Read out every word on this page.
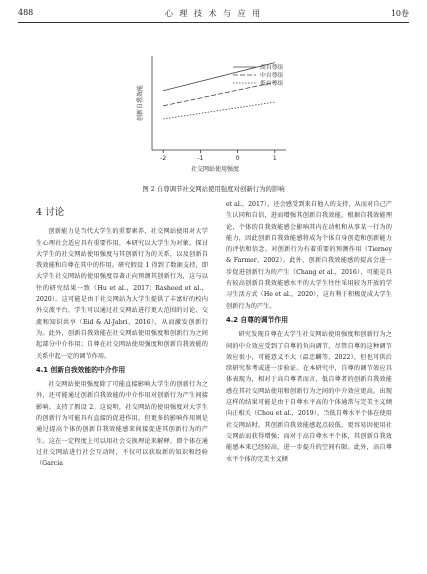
488	心 理 技 术 与 应 用	10卷
-2	-1	0	1
社交网站使用强度
创新自我效能
高自尊组
中自尊组
低自尊组
图 2 自尊调节社交网站使用强度对创新行为的影响
4 讨论

创新能力是当代大学生的重要素养，社交网站使用对大学生心理社会适应具有重要作用，本研究以大学生为对象，探讨大学生的社交网站使用强度与其创新行为的关系，以及创新自我效能和自尊在其中的作用。研究假设 1 得到了数据支持，即大学生社交网站的使用强度显著正向预测其创新行为，这与以往的研究结果一致（Hu et al.，2017；Rasheed et al.，2020）。这可能是由于社交网站为大学生提供了丰富好的校内外交流平台，学生可以通过社交网站进行更大范围的讨论、交流和知识共享（Eid & Al-Jabri，2016），从而激发创新行为。此外，创新自我效能在社交网站使用强度和创新行为之间起部分中介作用；自尊在社交网站使用强度和创新自我效能的关系中起一定的调节作用。

4.1 创新自我效能的中介作用

社交网站使用强度除了可能直接影响大学生的创新行为之外，还可能通过创新自我效能的中介作用对创新行为产生间接影响。支持了假设 2。这说明，社交网站的使用强度对大学生的创新行为可能具有直接的促进作用，但更多的影响作用则是通过提高个体的创新自我效能感来间接促进其创新行为的产生。这在一定程度上可以用社会交换理论来解释，即个体在通过社交网站进行社会互动时，不仅可以获取新的知识和经验（Garcia

et al.，2017），还会感受到来自他人的支持，从而对自己产生认同和自信，进而增强其创新自我效能。根据自我效能理论，个体的自我效能感会影响其内在动机和从事某一行为的能力，因此创新自我效能感将成为个体自身创造和创新能力的评估和信念。对创新行为有着重要的预测作用（Tierney & Farmer，2002）。此外，创新自我效能感的提高会进一步促进创新行为的产生（Chang et al.，2016），可能是具有较高创新自我效能感水平的大学生往往采用较为开放的学习生活方式（He et al.，2020），这有利于积极促成大学生创新行为的产生。

4.2 自尊的调节作用

研究发现自尊在大学生社交网站使用强度和创新行为之间的中介效应受到了自尊的负向调节，尽管自尊的这种调节效应很小，可能意义不大（温忠麟等，2022），但也可供后续研究参考或进一步验证。在本研究中，自尊的调节效应具体表现为，相对于高自尊者而言，低自尊者的创新自我效能感在其社交网站使用和创新行为之间的中介效应更高。出现这样的结果可能是由于自尊水平高的个体通常与完美主义倾向正相关（Chou et al.，2019）。当低自尊水平个体在使用社交网站时，其创新自我效能感起点较低，更容易因使用社交网站而获得增强；而对于高自尊水平个体，其创新自我效能感本来已经较高，进一步提升的空间有限。此外，高自尊水平个体的完美主义倾
